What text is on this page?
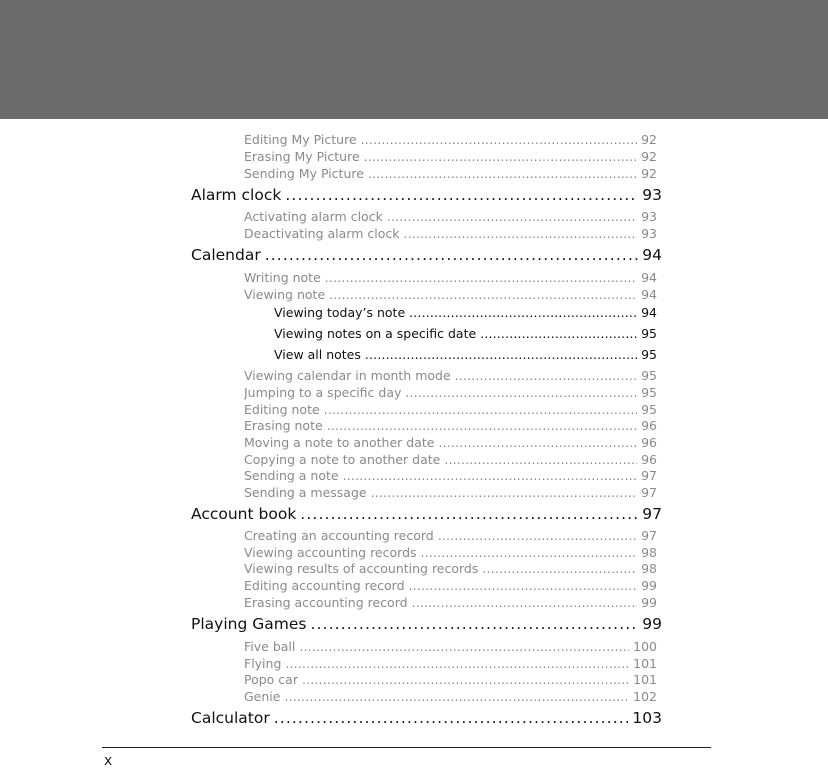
Editing My Picture . . .	92
Erasing My Picture . . .	92
Sending My Picture . . .	92
Alarm clock . . .	93
Activating alarm clock . . .	93
Deactivating alarm clock . . .	93
Calendar . . .	94
Writing note . . .	94
Viewing note . . .	94
Viewing today’s note . . .	94
Viewing notes on a specific date . . .	95
View all notes . . .	95
Viewing calendar in month mode . . .	95
Jumping to a specific day . . .	95
Editing note . . .	95
Erasing note . . .	96
Moving a note to another date . . .	96
Copying a note to another date . . .	96
Sending a note . . .	97
Sending a message . . .	97
Account book . . .	97
Creating an accounting record . . .	97
Viewing accounting records . . .	98
Viewing results of accounting records . . .	98
Editing accounting record . . .	99
Erasing accounting record . . .	99
Playing Games . . .	99
Five ball . . .	100
Flying . . .	101
Popo car . . .	101
Genie . . .	102
Calculator . . .	103
x
